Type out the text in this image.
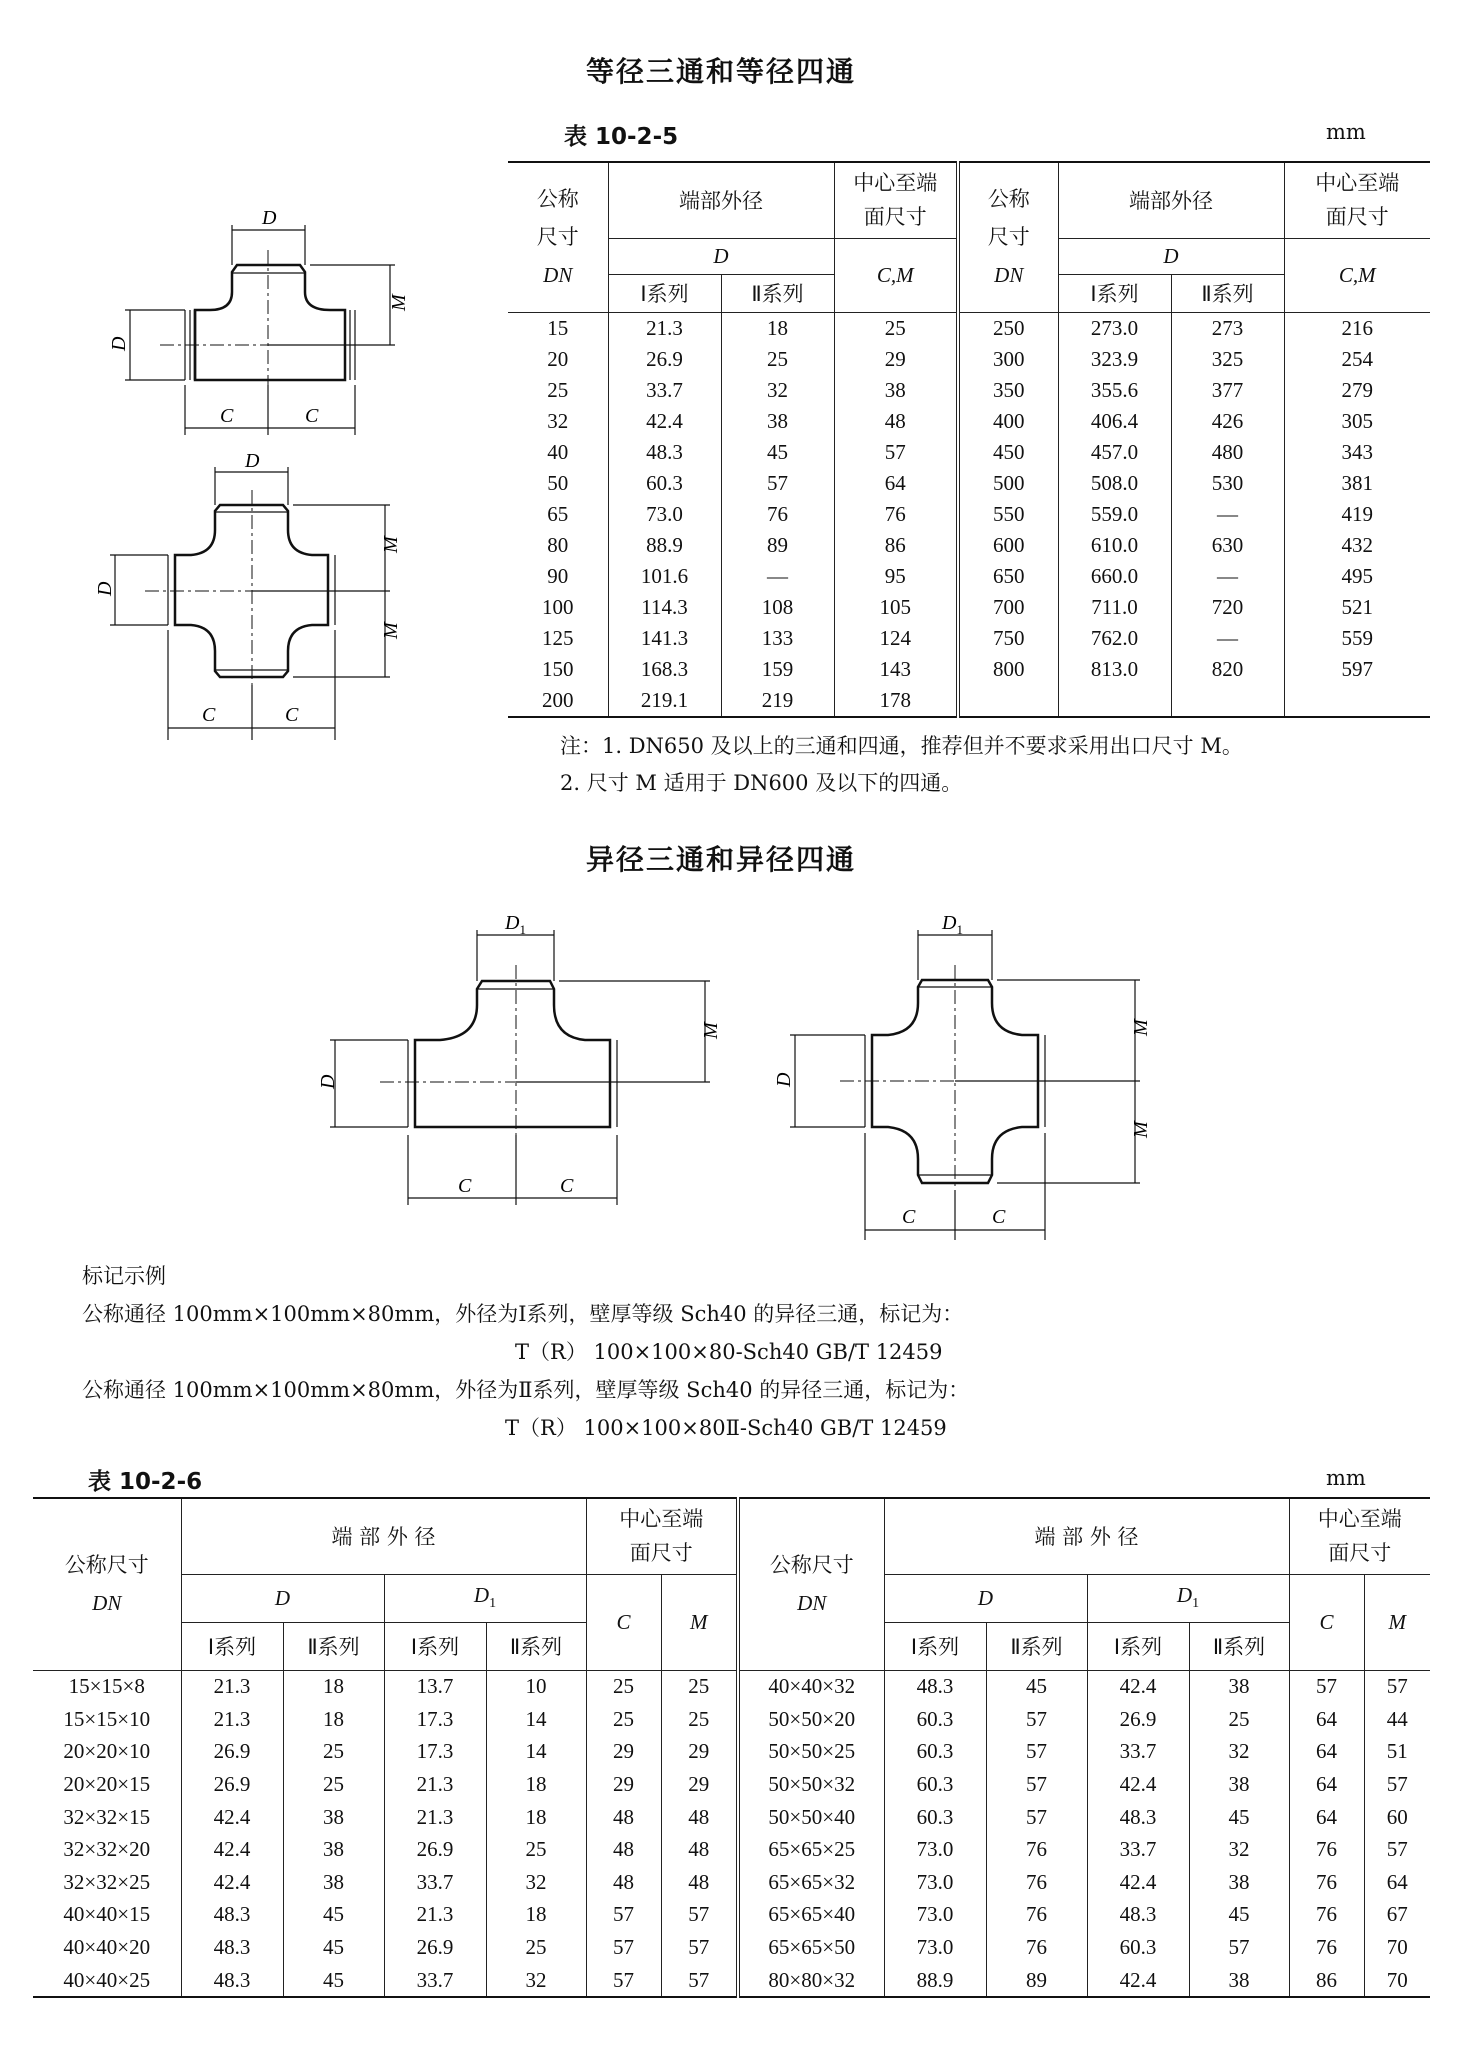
等径三通和等径四通
表 10-2-5	mm
D
D
M
C	C
D
D
M
M
C	C
公称
尺寸
DN	端部外径		中心至端
面尺寸	公称
尺寸
DN	端部外径		中心至端
面尺寸
	D		C,M		D		C,M
	Ⅰ系列	Ⅱ系列			Ⅰ系列	Ⅱ系列	
15	21.3	18	25	250	273.0	273	216
20	26.9	25	29	300	323.9	325	254
25	33.7	32	38	350	355.6	377	279
32	42.4	38	48	400	406.4	426	305
40	48.3	45	57	450	457.0	480	343
50	60.3	57	64	500	508.0	530	381
65	73.0	76	76	550	559.0	—	419
80	88.9	89	86	600	610.0	630	432
90	101.6	—	95	650	660.0	—	495
100	114.3	108	105	700	711.0	720	521
125	141.3	133	124	750	762.0	—	559
150	168.3	159	143	800	813.0	820	597
200	219.1	219	178				
注：1. DN650 及以上的三通和四通，推荐但并不要求采用出口尺寸 M。
2. 尺寸 M 适用于 DN600 及以下的四通。
异径三通和异径四通
$D_1$
D
M
C	C
$D_1$
D
M
M
C	C
标记示例
公称通径 100mm×100mm×80mm，外径为Ⅰ系列，壁厚等级 Sch40 的异径三通，标记为：
T（R） 100×100×80-Sch40 GB/T 12459
公称通径 100mm×100mm×80mm，外径为Ⅱ系列，壁厚等级 Sch40 的异径三通，标记为：
T（R） 100×100×80Ⅱ-Sch40 GB/T 12459
表 10-2-6	mm
公称尺寸
DN	端 部 外 径				中心至端
面尺寸		公称尺寸
DN	端 部 外 径				中心至端
面尺寸	
	D		$D_1$		C	M		D		$D_1$		C	M
	Ⅰ系列	Ⅱ系列	Ⅰ系列	Ⅱ系列				Ⅰ系列	Ⅱ系列	Ⅰ系列	Ⅱ系列		
15×15×8	21.3	18	13.7	10	25	25	40×40×32	48.3	45	42.4	38	57	57
15×15×10	21.3	18	17.3	14	25	25	50×50×20	60.3	57	26.9	25	64	44
20×20×10	26.9	25	17.3	14	29	29	50×50×25	60.3	57	33.7	32	64	51
20×20×15	26.9	25	21.3	18	29	29	50×50×32	60.3	57	42.4	38	64	57
32×32×15	42.4	38	21.3	18	48	48	50×50×40	60.3	57	48.3	45	64	60
32×32×20	42.4	38	26.9	25	48	48	65×65×25	73.0	76	33.7	32	76	57
32×32×25	42.4	38	33.7	32	48	48	65×65×32	73.0	76	42.4	38	76	64
40×40×15	48.3	45	21.3	18	57	57	65×65×40	73.0	76	48.3	45	76	67
40×40×20	48.3	45	26.9	25	57	57	65×65×50	73.0	76	60.3	57	76	70
40×40×25	48.3	45	33.7	32	57	57	80×80×32	88.9	89	42.4	38	86	70
